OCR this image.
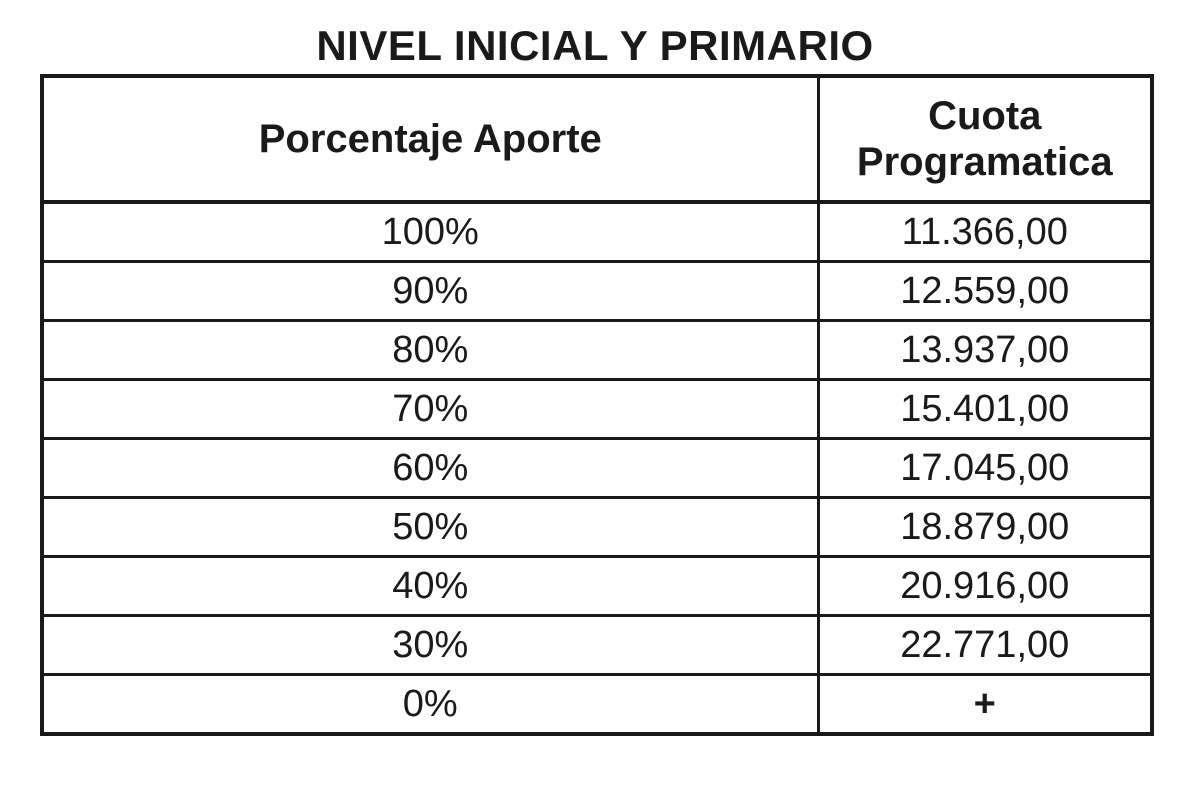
NIVEL INICIAL Y PRIMARIO
Porcentaje Aporte	Cuota
Programatica

100%	11.366,00
90%	12.559,00
80%	13.937,00
70%	15.401,00
60%	17.045,00
50%	18.879,00
40%	20.916,00
30%	22.771,00
0%	+
